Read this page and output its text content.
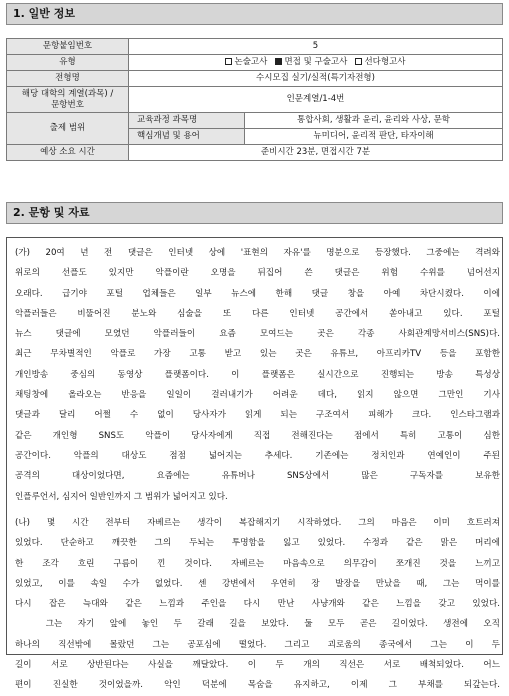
1. 일반 정보
문항붙임번호	5	
유형	논술고사 면접 및 구술고사 선다형고사	
전형명	수시모집 실기/실적(특기자전형)	
해당 대학의 계열(과목) /
문항번호	인문계열/1-4번	
출제 범위	교육과정 과목명	통합사회, 생활과 윤리, 윤리와 사상, 문학
	핵심개념 및 용어	뉴미디어, 윤리적 판단, 타자이해
예상 소요 시간	준비시간 23분, 면접시간 7분	
2. 문항 및 자료
(가) 20여 년 전 댓글은 인터넷 상에 '표현의 자유'를 명분으로 등장했다. 그중에는 격려와
위로의 선플도 있지만 악플이란 오명을 뒤집어 쓴 댓글은 위험 수위를 넘어선지
오래다. 급기야 포털 업체들은 일부 뉴스에 한해 댓글 창을 아예 차단시켰다. 이에
악플러들은 비뚤어진 분노와 심술을 또 다른 인터넷 공간에서 쏟아내고 있다. 포털
뉴스 댓글에 모였던 악플러들이 요즘 모여드는 곳은 각종 사회관계망서비스(SNS)다.
최근 무차별적인 악플로 가장 고통 받고 있는 곳은 유튜브, 아프리카TV 등을 포함한
개인방송 중심의 동영상 플랫폼이다. 이 플랫폼은 실시간으로 진행되는 방송 특성상
채팅창에 올라오는 반응을 일일이 걸러내기가 어려운 데다, 읽지 않으면 그만인 기사
댓글과 달리 어쩔 수 없이 당사자가 읽게 되는 구조여서 피해가 크다. 인스타그램과
같은 개인형 SNS도 악플이 당사자에게 직접 전해진다는 점에서 특히 고통이 심한
공간이다. 악플의 대상도 점점 넓어지는 추세다. 기존에는 정치인과 연예인이 주된
공격의 대상이었다면, 요즘에는 유튜버나 SNS상에서 많은 구독자를 보유한
인플루언서, 심지어 일반인까지 그 범위가 넓어지고 있다.
(나) 몇 시간 전부터 자베르는 생각이 복잡해지기 시작하였다. 그의 마음은 이미 흐트러져
있었다. 단순하고 깨끗한 그의 두뇌는 투명함을 잃고 있었다. 수정과 같은 맑은 머리에
한 조각 흐린 구름이 낀 것이다. 자베르는 마음속으로 의무감이 쪼개진 것을 느끼고
있었고, 이를 속일 수가 없었다. 센 강변에서 우연히 장 발장을 만났을 때, 그는 먹이를
다시 잡은 늑대와 같은 느낌과 주인을 다시 만난 사냥개와 같은 느낌을 갖고 있었다.
그는 자기 앞에 놓인 두 갈래 길을 보았다. 둘 모두 곧은 길이었다. 생전에 오직
하나의 직선밖에 몰랐던 그는 공포심에 떨었다. 그리고 괴로움의 종국에서 그는 이 두
길이 서로 상반된다는 사실을 깨달았다. 이 두 개의 직선은 서로 배척되었다. 어느
편이 진실한 것이었을까. 악인 덕분에 목숨을 유지하고, 이제 그 부채를 되갚는다.
